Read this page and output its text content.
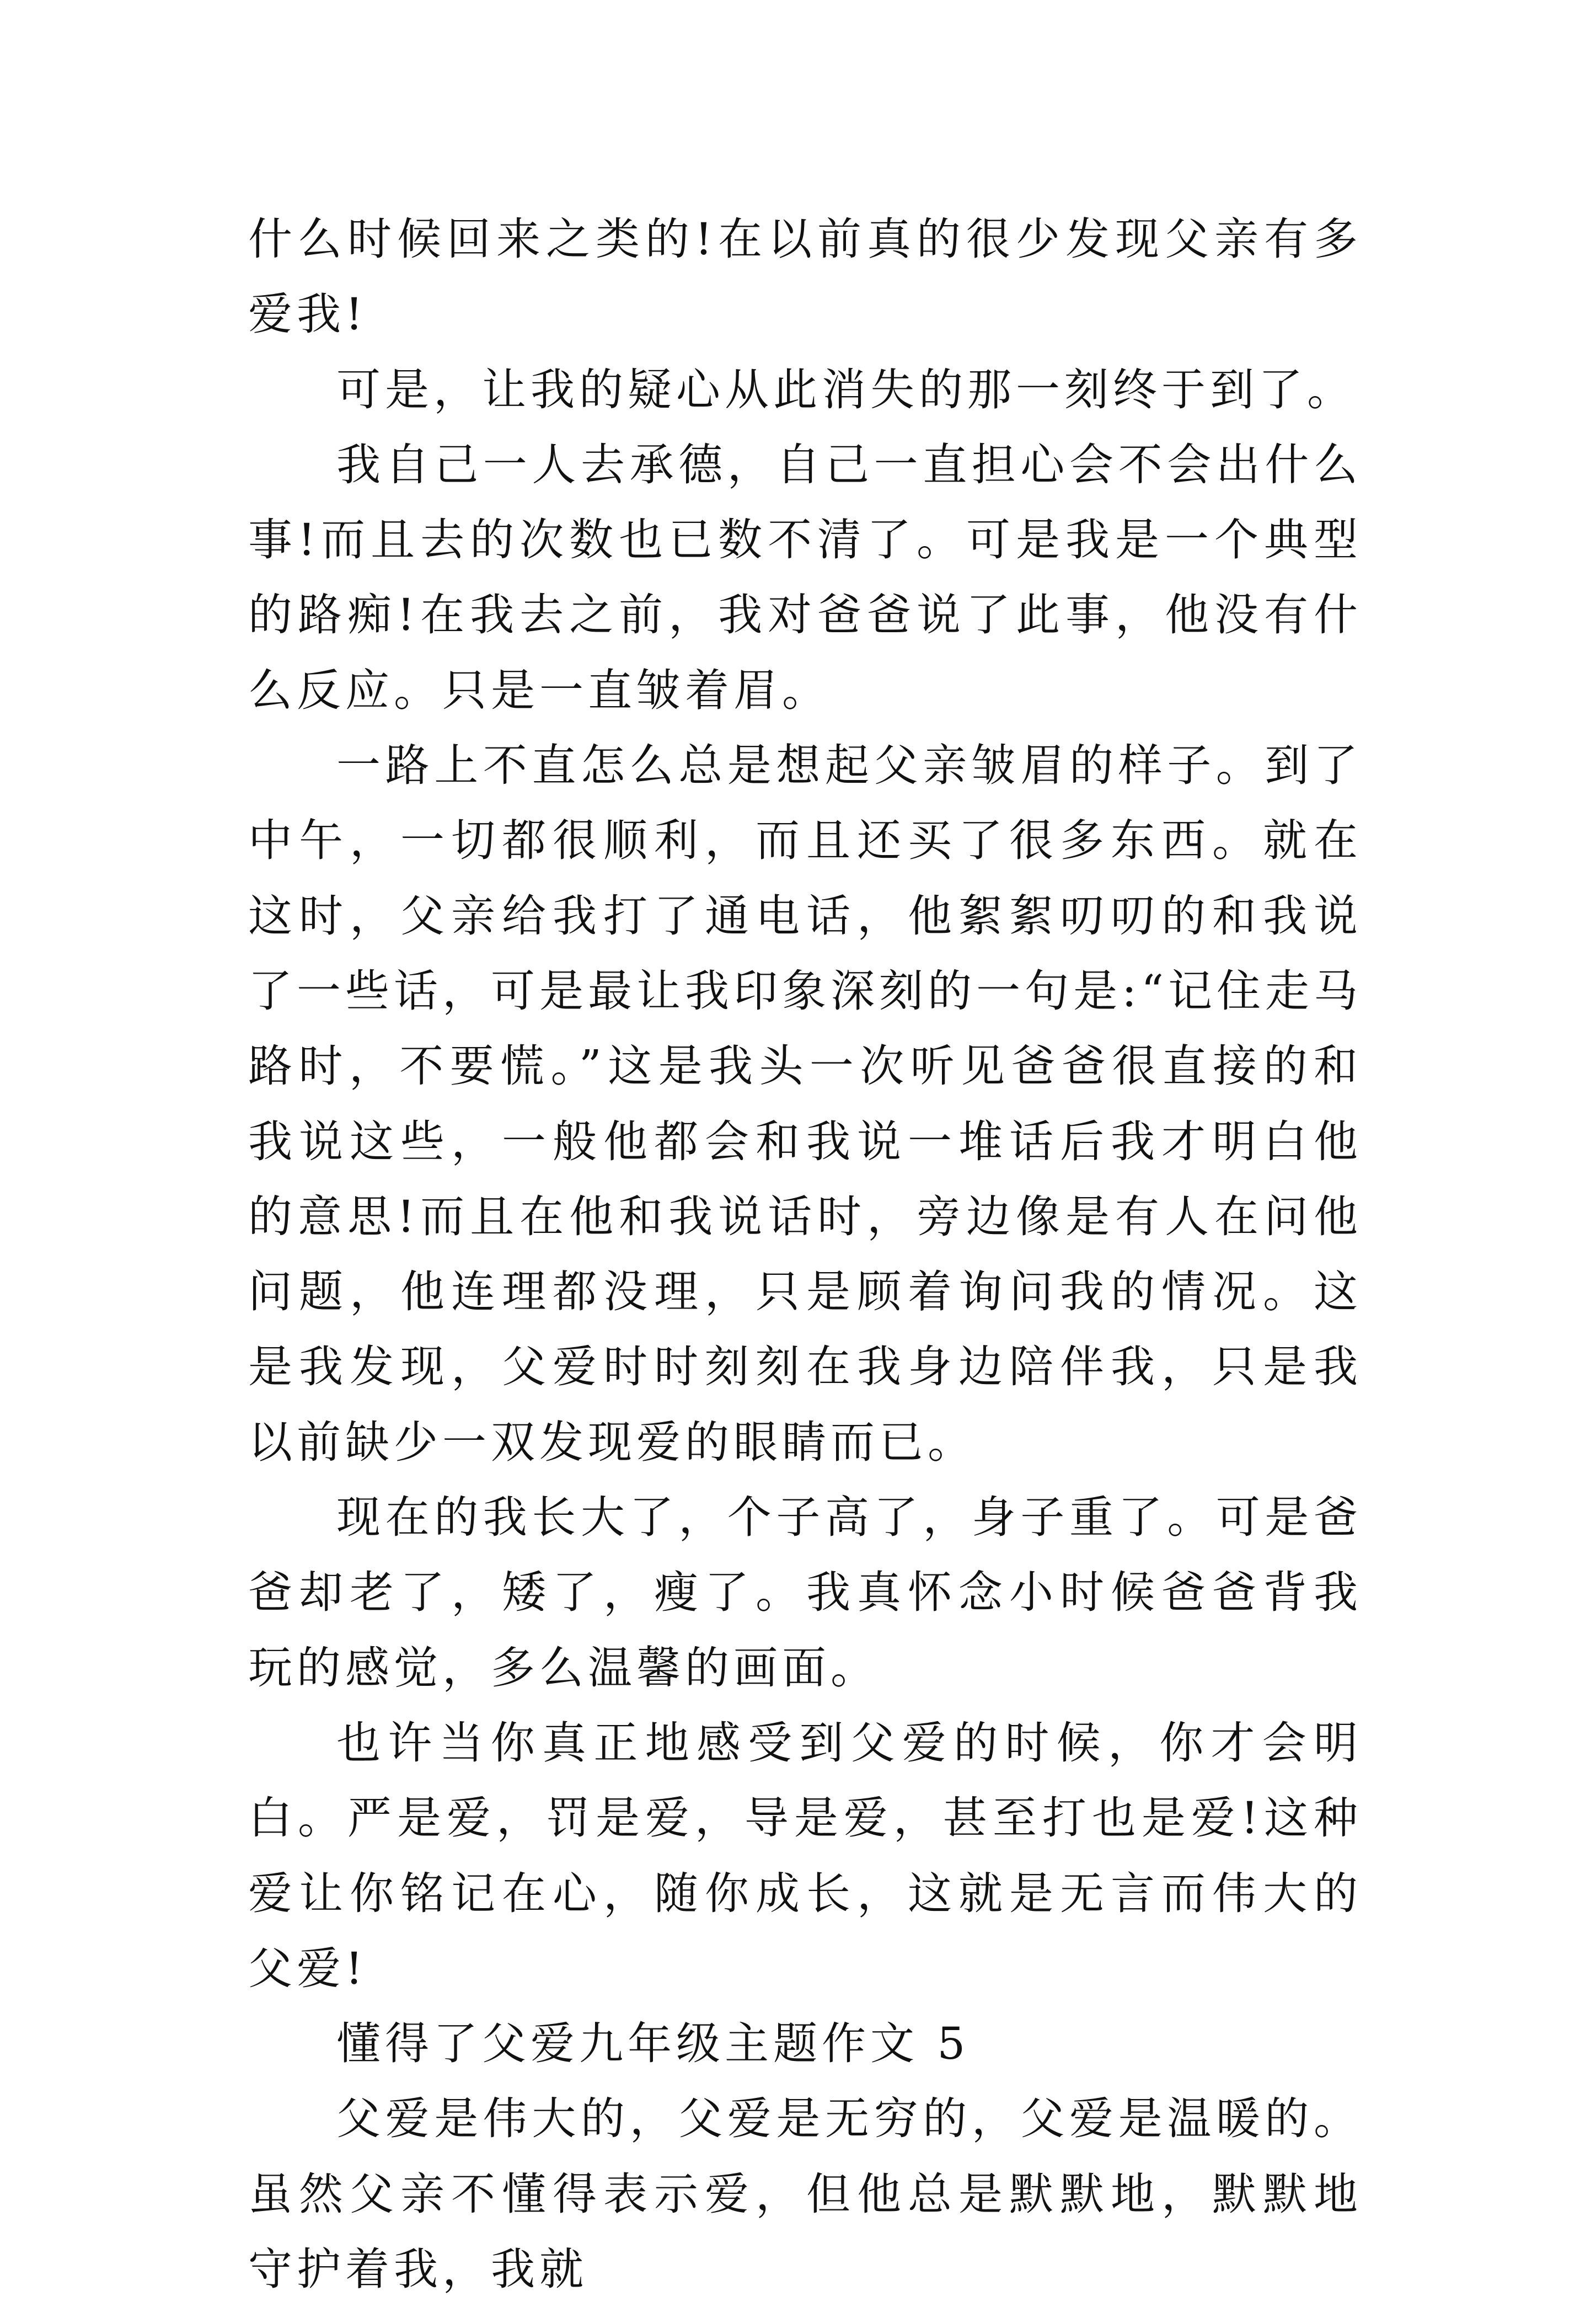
什么时候回来之类的!在以前真的很少发现父亲有多爱我!

可是，让我的疑心从此消失的那一刻终于到了。

我自己一人去承德，自己一直担心会不会出什么事!而且去的次数也已数不清了。可是我是一个典型的路痴!在我去之前，我对爸爸说了此事，他没有什么反应。只是一直皱着眉。

一路上不直怎么总是想起父亲皱眉的样子。到了中午，一切都很顺利，而且还买了很多东西。就在这时，父亲给我打了通电话，他絮絮叨叨的和我说了一些话，可是最让我印象深刻的一句是:“记住走马路时，不要慌。”这是我头一次听见爸爸很直接的和我说这些，一般他都会和我说一堆话后我才明白他的意思!而且在他和我说话时，旁边像是有人在问他问题，他连理都没理，只是顾着询问我的情况。这是我发现，父爱时时刻刻在我身边陪伴我，只是我以前缺少一双发现爱的眼睛而已。

现在的我长大了，个子高了，身子重了。可是爸爸却老了，矮了，瘦了。我真怀念小时候爸爸背我玩的感觉，多么温馨的画面。

也许当你真正地感受到父爱的时候，你才会明白。严是爱，罚是爱，导是爱，甚至打也是爱!这种爱让你铭记在心，随你成长，这就是无言而伟大的父爱!

懂得了父爱九年级主题作文 5

父爱是伟大的，父爱是无穷的，父爱是温暖的。虽然父亲不懂得表示爱，但他总是默默地，默默地守护着我，我就
